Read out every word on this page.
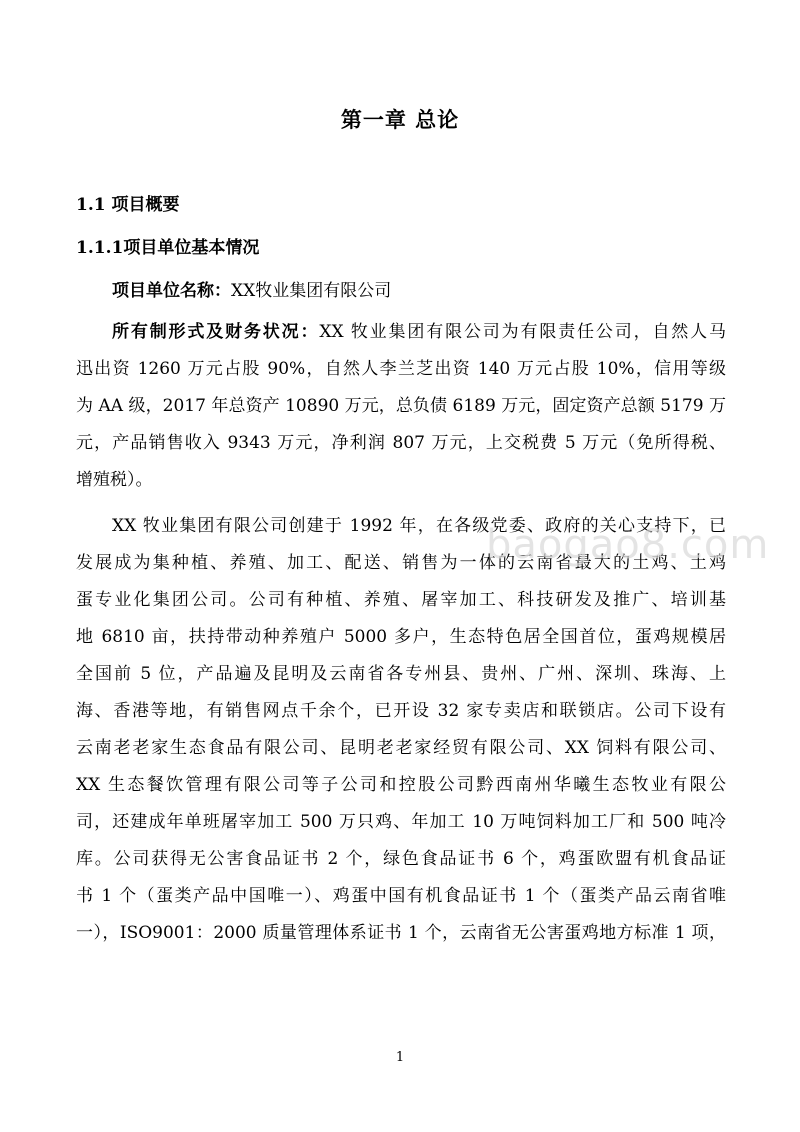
第一章 总论
1.1 项目概要
1.1.1项目单位基本情况
项目单位名称：XX牧业集团有限公司
所有制形式及财务状况：XX 牧业集团有限公司为有限责任公司，自然人马
迅出资 1260 万元占股 90%，自然人李兰芝出资 140 万元占股 10%，信用等级
为 AA 级，2017 年总资产 10890 万元，总负债 6189 万元，固定资产总额 5179 万
元，产品销售收入 9343 万元，净利润 807 万元，上交税费 5 万元（免所得税、
增殖税）。
XX 牧业集团有限公司创建于 1992 年，在各级党委、政府的关心支持下，已
发展成为集种植、养殖、加工、配送、销售为一体的云南省最大的土鸡、土鸡
蛋专业化集团公司。公司有种植、养殖、屠宰加工、科技研发及推广、培训基
地 6810 亩，扶持带动种养殖户 5000 多户，生态特色居全国首位，蛋鸡规模居
全国前 5 位，产品遍及昆明及云南省各专州县、贵州、广州、深圳、珠海、上
海、香港等地，有销售网点千余个，已开设 32 家专卖店和联锁店。公司下设有
云南老老家生态食品有限公司、昆明老老家经贸有限公司、XX 饲料有限公司、
XX 生态餐饮管理有限公司等子公司和控股公司黔西南州华曦生态牧业有限公
司，还建成年单班屠宰加工 500 万只鸡、年加工 10 万吨饲料加工厂和 500 吨冷
库。公司获得无公害食品证书 2 个，绿色食品证书 6 个，鸡蛋欧盟有机食品证
书 1 个（蛋类产品中国唯一）、鸡蛋中国有机食品证书 1 个（蛋类产品云南省唯
一），ISO9001：2000 质量管理体系证书 1 个，云南省无公害蛋鸡地方标准 1 项，
baogao8.com
1
